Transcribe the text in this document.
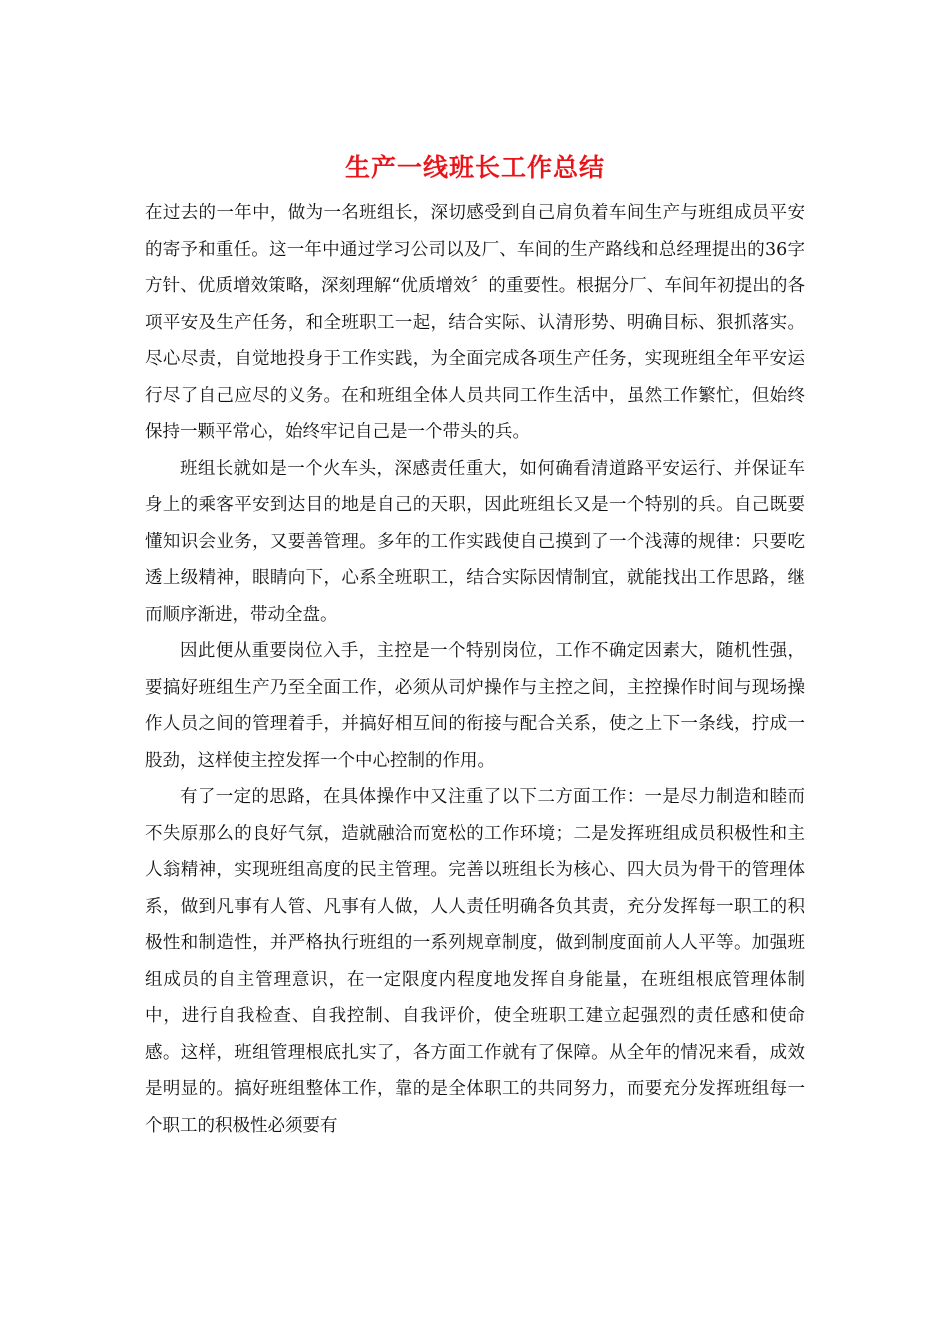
生产一线班长工作总结

在过去的一年中，做为一名班组长，深切感受到自己肩负着车间生产与班组成员平安的寄予和重任。这一年中通过学习公司以及厂、车间的生产路线和总经理提出的36字方针、优质增效策略，深刻理解“优质增效〞的重要性。根据分厂、车间年初提出的各项平安及生产任务，和全班职工一起，结合实际、认清形势、明确目标、狠抓落实。尽心尽责，自觉地投身于工作实践，为全面完成各项生产任务，实现班组全年平安运行尽了自己应尽的义务。在和班组全体人员共同工作生活中，虽然工作繁忙，但始终保持一颗平常心，始终牢记自己是一个带头的兵。

班组长就如是一个火车头，深感责任重大，如何确看清道路平安运行、并保证车身上的乘客平安到达目的地是自己的天职，因此班组长又是一个特别的兵。自己既要懂知识会业务，又要善管理。多年的工作实践使自己摸到了一个浅薄的规律：只要吃透上级精神，眼睛向下，心系全班职工，结合实际因情制宜，就能找出工作思路，继而顺序渐进，带动全盘。

因此便从重要岗位入手，主控是一个特别岗位，工作不确定因素大，随机性强，要搞好班组生产乃至全面工作，必须从司炉操作与主控之间，主控操作时间与现场操作人员之间的管理着手，并搞好相互间的衔接与配合关系，使之上下一条线，拧成一股劲，这样使主控发挥一个中心控制的作用。

有了一定的思路，在具体操作中又注重了以下二方面工作：一是尽力制造和睦而不失原那么的良好气氛，造就融洽而宽松的工作环境；二是发挥班组成员积极性和主人翁精神，实现班组高度的民主管理。完善以班组长为核心、四大员为骨干的管理体系，做到凡事有人管、凡事有人做，人人责任明确各负其责，充分发挥每一职工的积极性和制造性，并严格执行班组的一系列规章制度，做到制度面前人人平等。加强班组成员的自主管理意识，在一定限度内程度地发挥自身能量，在班组根底管理体制中，进行自我检查、自我控制、自我评价，使全班职工建立起强烈的责任感和使命感。这样，班组管理根底扎实了，各方面工作就有了保障。从全年的情况来看，成效是明显的。搞好班组整体工作，靠的是全体职工的共同努力，而要充分发挥班组每一个职工的积极性必须要有
